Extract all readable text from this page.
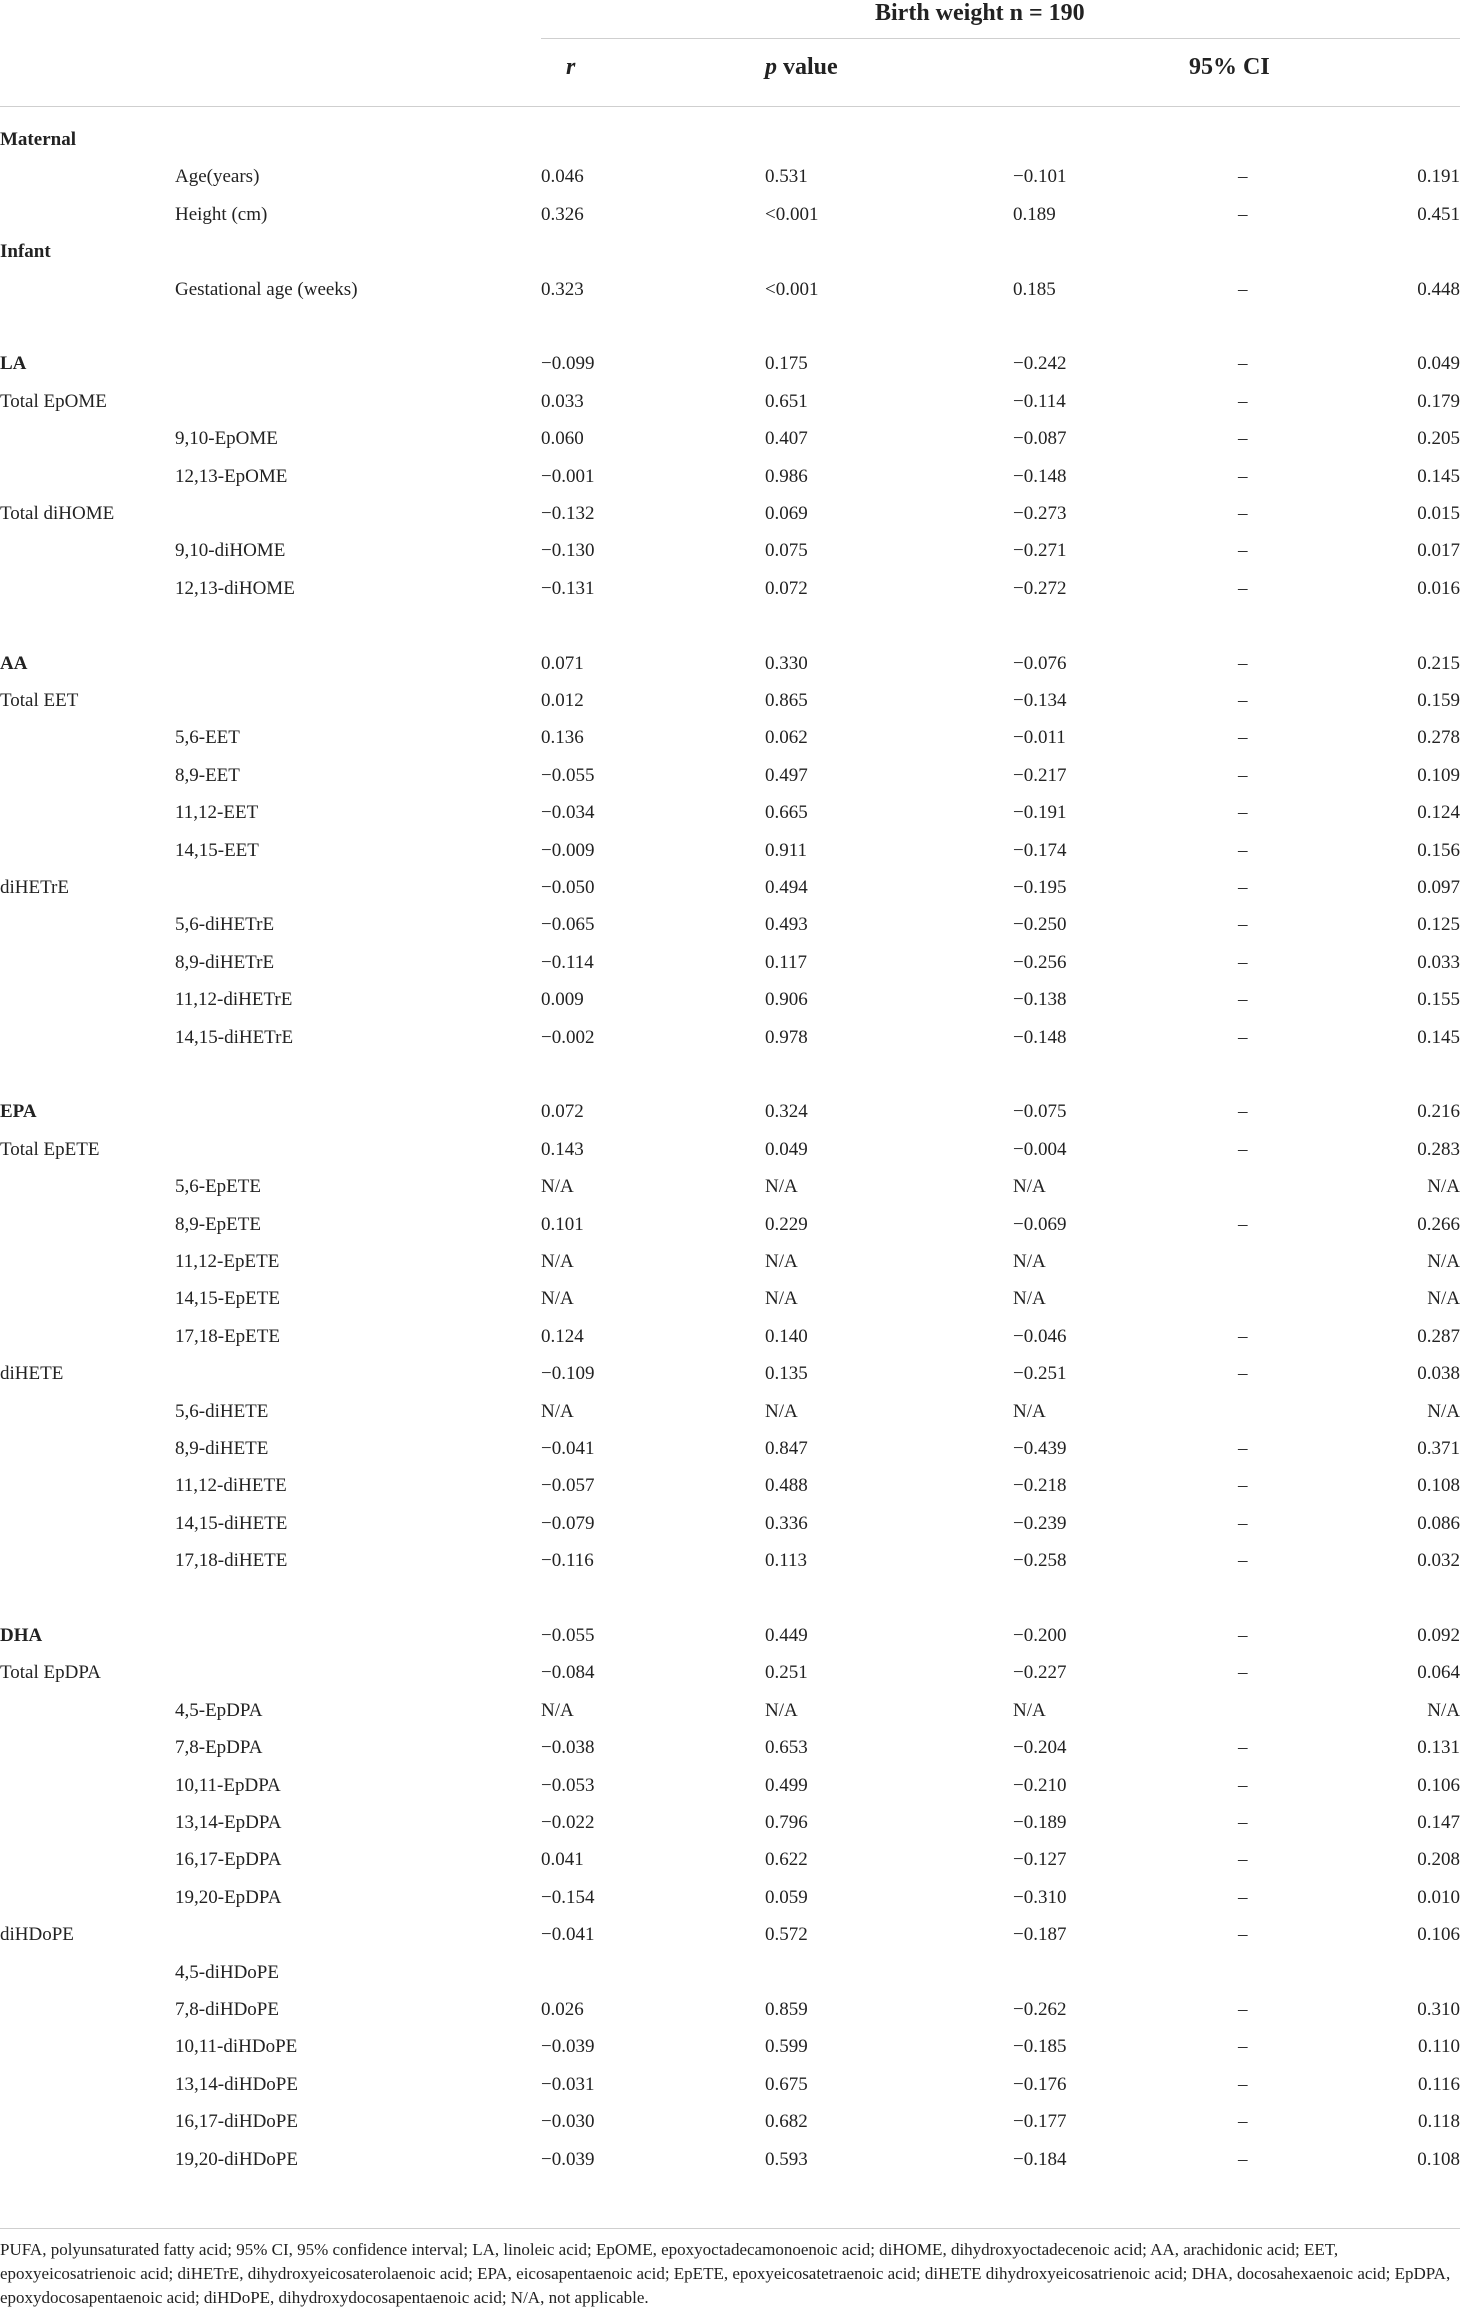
Birth weight n = 190
r	p value	95% CI
Maternal
Age(years)	0.046	0.531	−0.101	–	0.191
Height (cm)	0.326	<0.001	0.189	–	0.451
Infant
Gestational age (weeks)	0.323	<0.001	0.185	–	0.448
LA	−0.099	0.175	−0.242	–	0.049
Total EpOME	0.033	0.651	−0.114	–	0.179
9,10-EpOME	0.060	0.407	−0.087	–	0.205
12,13-EpOME	−0.001	0.986	−0.148	–	0.145
Total diHOME	−0.132	0.069	−0.273	–	0.015
9,10-diHOME	−0.130	0.075	−0.271	–	0.017
12,13-diHOME	−0.131	0.072	−0.272	–	0.016
AA	0.071	0.330	−0.076	–	0.215
Total EET	0.012	0.865	−0.134	–	0.159
5,6-EET	0.136	0.062	−0.011	–	0.278
8,9-EET	−0.055	0.497	−0.217	–	0.109
11,12-EET	−0.034	0.665	−0.191	–	0.124
14,15-EET	−0.009	0.911	−0.174	–	0.156
diHETrE	−0.050	0.494	−0.195	–	0.097
5,6-diHETrE	−0.065	0.493	−0.250	–	0.125
8,9-diHETrE	−0.114	0.117	−0.256	–	0.033
11,12-diHETrE	0.009	0.906	−0.138	–	0.155
14,15-diHETrE	−0.002	0.978	−0.148	–	0.145
EPA	0.072	0.324	−0.075	–	0.216
Total EpETE	0.143	0.049	−0.004	–	0.283
5,6-EpETE	N/A	N/A	N/A	N/A
8,9-EpETE	0.101	0.229	−0.069	–	0.266
11,12-EpETE	N/A	N/A	N/A	N/A
14,15-EpETE	N/A	N/A	N/A	N/A
17,18-EpETE	0.124	0.140	−0.046	–	0.287
diHETE	−0.109	0.135	−0.251	–	0.038
5,6-diHETE	N/A	N/A	N/A	N/A
8,9-diHETE	−0.041	0.847	−0.439	–	0.371
11,12-diHETE	−0.057	0.488	−0.218	–	0.108
14,15-diHETE	−0.079	0.336	−0.239	–	0.086
17,18-diHETE	−0.116	0.113	−0.258	–	0.032
DHA	−0.055	0.449	−0.200	–	0.092
Total EpDPA	−0.084	0.251	−0.227	–	0.064
4,5-EpDPA	N/A	N/A	N/A	N/A
7,8-EpDPA	−0.038	0.653	−0.204	–	0.131
10,11-EpDPA	−0.053	0.499	−0.210	–	0.106
13,14-EpDPA	−0.022	0.796	−0.189	–	0.147
16,17-EpDPA	0.041	0.622	−0.127	–	0.208
19,20-EpDPA	−0.154	0.059	−0.310	–	0.010
diHDoPE	−0.041	0.572	−0.187	–	0.106
4,5-diHDoPE
7,8-diHDoPE	0.026	0.859	−0.262	–	0.310
10,11-diHDoPE	−0.039	0.599	−0.185	–	0.110
13,14-diHDoPE	−0.031	0.675	−0.176	–	0.116
16,17-diHDoPE	−0.030	0.682	−0.177	–	0.118
19,20-diHDoPE	−0.039	0.593	−0.184	–	0.108
PUFA, polyunsaturated fatty acid; 95% CI, 95% confidence interval; LA, linoleic acid; EpOME, epoxyoctadecamonoenoic acid; diHOME, dihydroxyoctadecenoic acid; AA, arachidonic acid; EET, epoxyeicosatrienoic acid; diHETrE, dihydroxyeicosaterolaenoic acid; EPA, eicosapentaenoic acid; EpETE, epoxyeicosatetraenoic acid; diHETE dihydroxyeicosatrienoic acid; DHA, docosahexaenoic acid; EpDPA, epoxydocosapentaenoic acid; diHDoPE, dihydroxydocosapentaenoic acid; N/A, not applicable.
